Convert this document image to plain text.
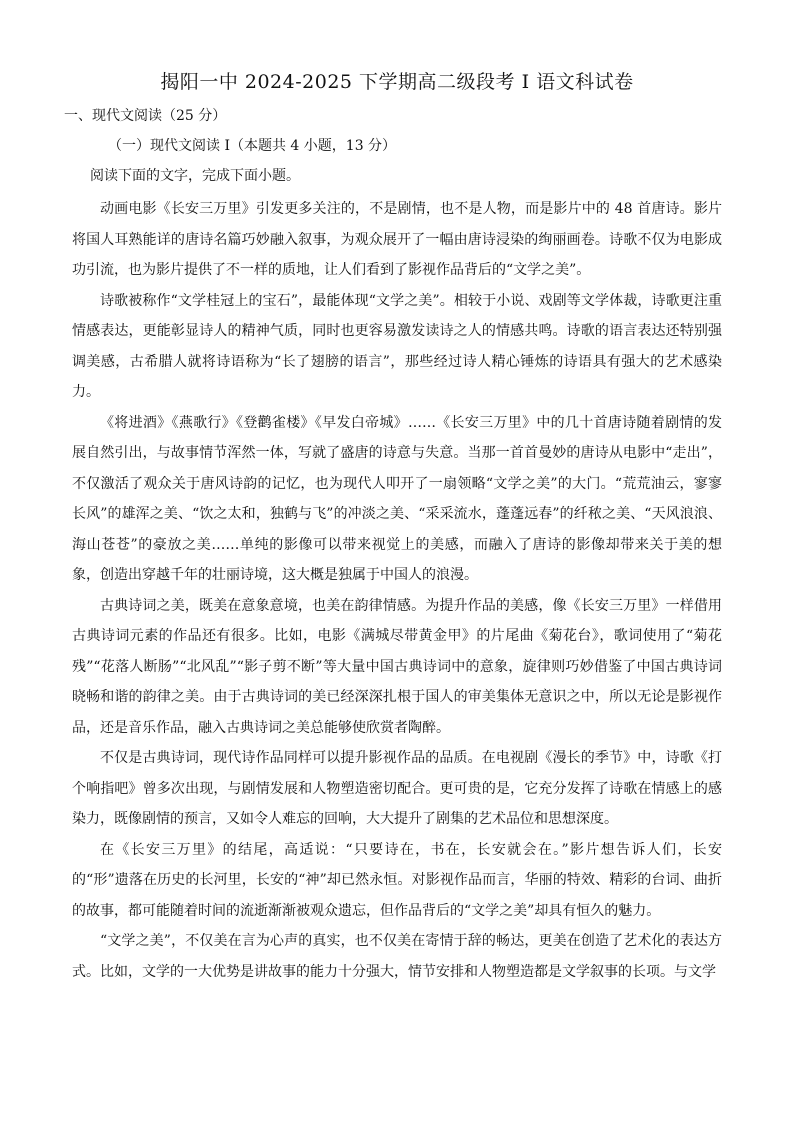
揭阳一中 2024-2025 下学期高二级段考 Ⅰ 语文科试卷
一、现代文阅读（25 分）
（一）现代文阅读 Ⅰ（本题共 4 小题，13 分）
阅读下面的文字，完成下面小题。

动画电影《长安三万里》引发更多关注的，不是剧情，也不是人物，而是影片中的 48 首唐诗。影片将国人耳熟能详的唐诗名篇巧妙融入叙事，为观众展开了一幅由唐诗浸染的绚丽画卷。诗歌不仅为电影成功引流，也为影片提供了不一样的质地，让人们看到了影视作品背后的“文学之美”。

诗歌被称作“文学桂冠上的宝石”，最能体现“文学之美”。相较于小说、戏剧等文学体裁，诗歌更注重情感表达，更能彰显诗人的精神气质，同时也更容易激发读诗之人的情感共鸣。诗歌的语言表达还特别强调美感，古希腊人就将诗语称为“长了翅膀的语言”，那些经过诗人精心锤炼的诗语具有强大的艺术感染力。

《将进酒》《燕歌行》《登鹳雀楼》《早发白帝城》……《长安三万里》中的几十首唐诗随着剧情的发展自然引出，与故事情节浑然一体，写就了盛唐的诗意与失意。当那一首首曼妙的唐诗从电影中“走出”，不仅激活了观众关于唐风诗韵的记忆，也为现代人叩开了一扇领略“文学之美”的大门。“荒荒油云，寥寥长风”的雄浑之美、“饮之太和，独鹤与飞”的冲淡之美、“采采流水，蓬蓬远春”的纤秾之美、“天风浪浪、海山苍苍”的豪放之美……单纯的影像可以带来视觉上的美感，而融入了唐诗的影像却带来关于美的想象，创造出穿越千年的壮丽诗境，这大概是独属于中国人的浪漫。

古典诗词之美，既美在意象意境，也美在韵律情感。为提升作品的美感，像《长安三万里》一样借用古典诗词元素的作品还有很多。比如，电影《满城尽带黄金甲》的片尾曲《菊花台》，歌词使用了“菊花残”“花落人断肠”“北风乱”“影子剪不断”等大量中国古典诗词中的意象，旋律则巧妙借鉴了中国古典诗词晓畅和谐的韵律之美。由于古典诗词的美已经深深扎根于国人的审美集体无意识之中，所以无论是影视作品，还是音乐作品，融入古典诗词之美总能够使欣赏者陶醉。

不仅是古典诗词，现代诗作品同样可以提升影视作品的品质。在电视剧《漫长的季节》中，诗歌《打个响指吧》曾多次出现，与剧情发展和人物塑造密切配合。更可贵的是，它充分发挥了诗歌在情感上的感染力，既像剧情的预言，又如令人难忘的回响，大大提升了剧集的艺术品位和思想深度。

在《长安三万里》的结尾，高适说：“只要诗在，书在，长安就会在。”影片想告诉人们，长安的“形”遗落在历史的长河里，长安的“神”却已然永恒。对影视作品而言，华丽的特效、精彩的台词、曲折的故事，都可能随着时间的流逝渐渐被观众遗忘，但作品背后的“文学之美”却具有恒久的魅力。

“文学之美”，不仅美在言为心声的真实，也不仅美在寄情于辞的畅达，更美在创造了艺术化的表达方式。比如，文学的一大优势是讲故事的能力十分强大，情节安排和人物塑造都是文学叙事的长项。与文学
